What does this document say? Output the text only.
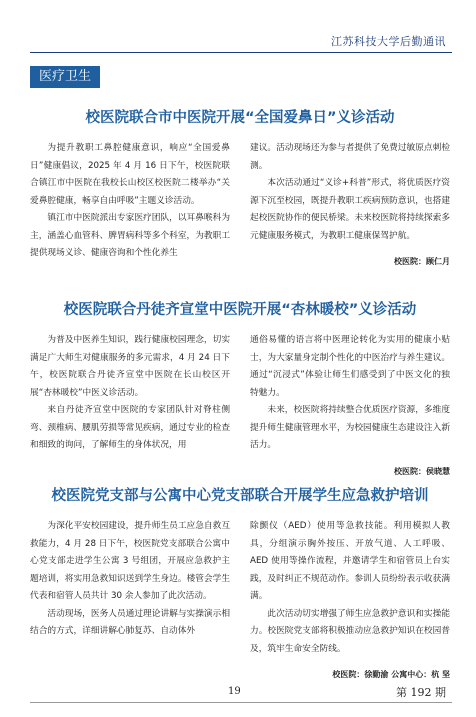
江苏科技大学后勤通讯
医疗卫生
校医院联合市中医院开展“全国爱鼻日”义诊活动

为提升教职工鼻腔健康意识，响应“全国爱鼻日”健康倡议，2025 年 4 月 16 日下午，校医院联合镇江市中医院在我校长山校区校医院二楼举办“关爱鼻腔健康，畅享自由呼吸”主题义诊活动。

镇江市中医院派出专家医疗团队，以耳鼻喉科为主，涵盖心血管科、脾胃病科等多个科室，为教职工提供现场义诊、健康咨询和个性化养生

建议。活动现场还为参与者提供了免费过敏原点刺检测。

本次活动通过“义诊+科普”形式，将优质医疗资源下沉至校园，既提升教职工疾病预防意识，也搭建起校医院协作的便民桥梁。未来校医院将持续探索多元健康服务模式，为教职工健康保驾护航。

校医院：顾仁月
校医院联合丹徒齐宣堂中医院开展“杏林暖校”义诊活动

为普及中医养生知识，践行健康校园理念，切实满足广大师生对健康服务的多元需求，4 月 24 日下午，校医院联合丹徒齐宣堂中医院在长山校区开展“杏林暖校”中医义诊活动。

来自丹徒齐宣堂中医院的专家团队针对脊柱侧弯、颈椎病、腰肌劳损等常见疾病，通过专业的检查和细致的询问，了解师生的身体状况，用

通俗易懂的语言将中医理论转化为实用的健康小贴士，为大家量身定制个性化的中医治疗与养生建议。通过“沉浸式”体验让师生们感受到了中医文化的独特魅力。

未来，校医院将持续整合优质医疗资源，多维度提升师生健康管理水平，为校园健康生态建设注入新活力。

校医院：侯晓慧
校医院党支部与公寓中心党支部联合开展学生应急救护培训

为深化平安校园建设，提升师生员工应急自救互救能力，4 月 28 日下午，校医院党支部联合公寓中心党支部走进学生公寓 3 号组团，开展应急救护主题培训，将实用急救知识送到学生身边。楼管会学生代表和宿管人员共计 30 余人参加了此次活动。

活动现场，医务人员通过理论讲解与实操演示相结合的方式，详细讲解心肺复苏、自动体外

除颤仪（AED）使用等急救技能。利用模拟人教具，分组演示胸外按压、开放气道、人工呼吸、AED 使用等操作流程，并邀请学生和宿管员上台实践，及时纠正不规范动作。参训人员纷纷表示收获满满。

此次活动切实增强了师生应急救护意识和实操能力。校医院党支部将积极推动应急救护知识在校园普及，筑牢生命安全防线。

校医院：徐勤渝 公寓中心：杭 坚
19	第 192 期
